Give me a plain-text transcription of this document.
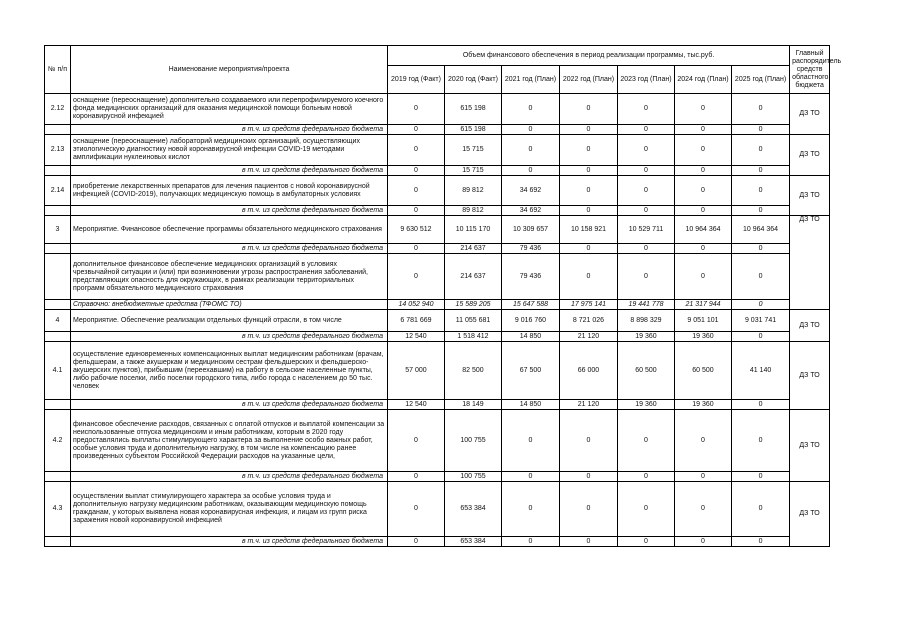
№ п/п	Наименование мероприятия/проекта	Объем финансового обеспечения в период реализации программы, тыс.руб.							Главный распорядитель средств областного бюджета
		2019 год (Факт)	2020 год (Факт)	2021 год (План)	2022 год (План)	2023 год (План)	2024 год (План)	2025 год (План)	
2.12	оснащение (переоснащение) дополнительно создаваемого или перепрофилируемого коечного фонда медицинских организаций для оказания медицинской помощи больным новой коронавирусной инфекцией	0	615 198	0	0	0	0	0	ДЗ ТО
	в т.ч. из средств федерального бюджета	0	615 198	0	0	0	0	0	
2.13	оснащение (переоснащение) лабораторий медицинских организаций, осуществляющих этиологическую диагностику новой коронавирусной инфекции COVID-19 методами амплификации нуклеиновых кислот	0	15 715	0	0	0	0	0	ДЗ ТО
	в т.ч. из средств федерального бюджета	0	15 715	0	0	0	0	0	
2.14	приобретение лекарственных препаратов для лечения пациентов с новой коронавирусной инфекцией (COVID-2019), получающих медицинскую помощь в амбулаторных условиях	0	89 812	34 692	0	0	0	0	ДЗ ТО
	в т.ч. из средств федерального бюджета	0	89 812	34 692	0	0	0	0	
3	Мероприятие. Финансовое обеспечение программы обязательного медицинского страхования	9 630 512	10 115 170	10 309 657	10 158 921	10 529 711	10 964 364	10 964 364	ДЗ ТО
	в т.ч. из средств федерального бюджета	0	214 637	79 436	0	0	0	0	
	дополнительное финансовое обеспечение медицинских организаций в условиях чрезвычайной ситуации и (или) при возникновении угрозы распространения заболеваний, представляющих опасность для окружающих, в рамках реализации территориальных программ обязательного медицинского страхования	0	214 637	79 436	0	0	0	0	
	Справочно: внебюджетные средства (ТФОМС ТО)	14 052 940	15 589 205	15 647 588	17 975 141	19 441 778	21 317 944	0	
4	Мероприятие. Обеспечение реализации отдельных функций отрасли, в том числе	6 781 669	11 055 681	9 016 760	8 721 026	8 898 329	9 051 101	9 031 741	ДЗ ТО
	в т.ч. из средств федерального бюджета	12 540	1 518 412	14 850	21 120	19 360	19 360	0	
4.1	осуществление единовременных компенсационных выплат медицинским работникам (врачам, фельдшерам, а также акушеркам и медицинским сестрам фельдшерских и фельдшерско-акушерских пунктов), прибывшим (переехавшим) на работу в сельские населенные пункты, либо рабочие поселки, либо поселки городского типа, либо города с населением до 50 тыс. человек	57 000	82 500	67 500	66 000	60 500	60 500	41 140	ДЗ ТО
	в т.ч. из средств федерального бюджета	12 540	18 149	14 850	21 120	19 360	19 360	0	
4.2	финансовое обеспечение расходов, связанных с оплатой отпусков и выплатой компенсации за неиспользованные отпуска медицинским и иным работникам, которым в 2020 году предоставлялись выплаты стимулирующего характера за выполнение особо важных работ, особые условия труда и дополнительную нагрузку, в том числе на компенсацию ранее произведенных субъектом Российской Федерации расходов на указанные цели,	0	100 755	0	0	0	0	0	ДЗ ТО
	в т.ч. из средств федерального бюджета	0	100 755	0	0	0	0	0	
4.3	осуществлении выплат стимулирующего характера за особые условия труда и дополнительную нагрузку медицинским работникам, оказывающим медицинскую помощь гражданам, у которых выявлена новая коронавирусная инфекция, и лицам из групп риска заражения новой коронавирусной инфекцией	0	653 384	0	0	0	0	0	ДЗ ТО
	в т.ч. из средств федерального бюджета	0	653 384	0	0	0	0	0	
